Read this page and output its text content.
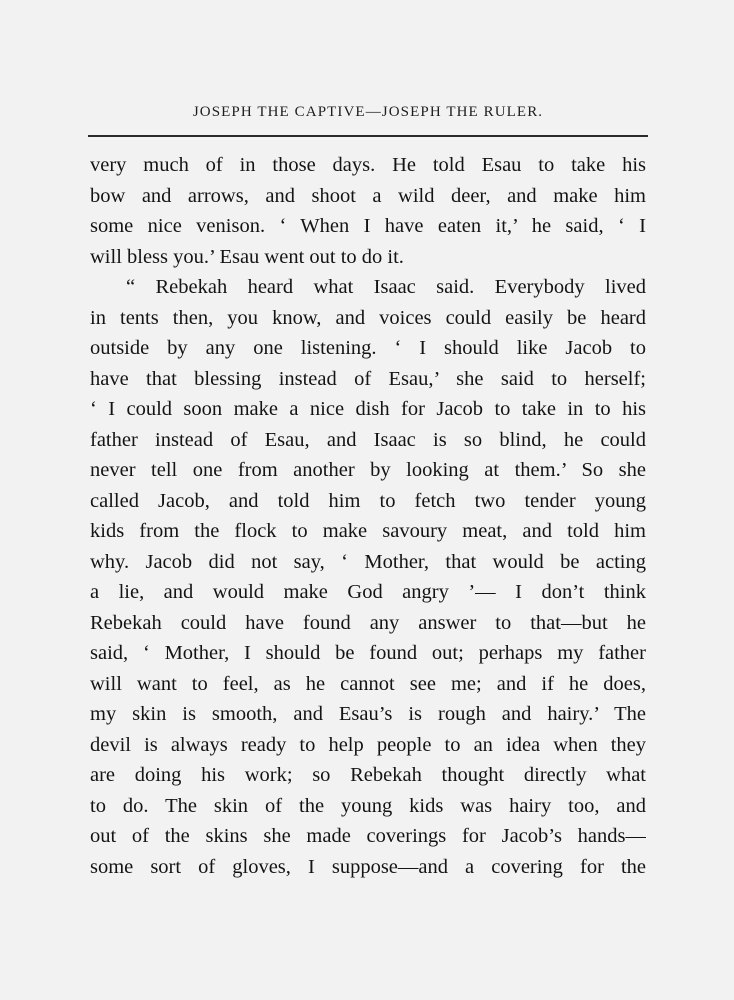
JOSEPH THE CAPTIVE—JOSEPH THE RULER.
very much of in those days. He told Esau to take his
bow and arrows, and shoot a wild deer, and make him
some nice venison. ‘ When I have eaten it,’ he said, ‘ I
will bless you.’ Esau went out to do it.
“ Rebekah heard what Isaac said. Everybody lived
in tents then, you know, and voices could easily be heard
outside by any one listening. ‘ I should like Jacob to
have that blessing instead of Esau,’ she said to herself;
‘ I could soon make a nice dish for Jacob to take in to his
father instead of Esau, and Isaac is so blind, he could
never tell one from another by looking at them.’ So she
called Jacob, and told him to fetch two tender young
kids from the flock to make savoury meat, and told him
why. Jacob did not say, ‘ Mother, that would be acting
a lie, and would make God angry ’— I don’t think
Rebekah could have found any answer to that—but he
said, ‘ Mother, I should be found out; perhaps my father
will want to feel, as he cannot see me; and if he does,
my skin is smooth, and Esau’s is rough and hairy.’ The
devil is always ready to help people to an idea when they
are doing his work; so Rebekah thought directly what
to do. The skin of the young kids was hairy too, and
out of the skins she made coverings for Jacob’s hands—
some sort of gloves, I suppose—and a covering for the
